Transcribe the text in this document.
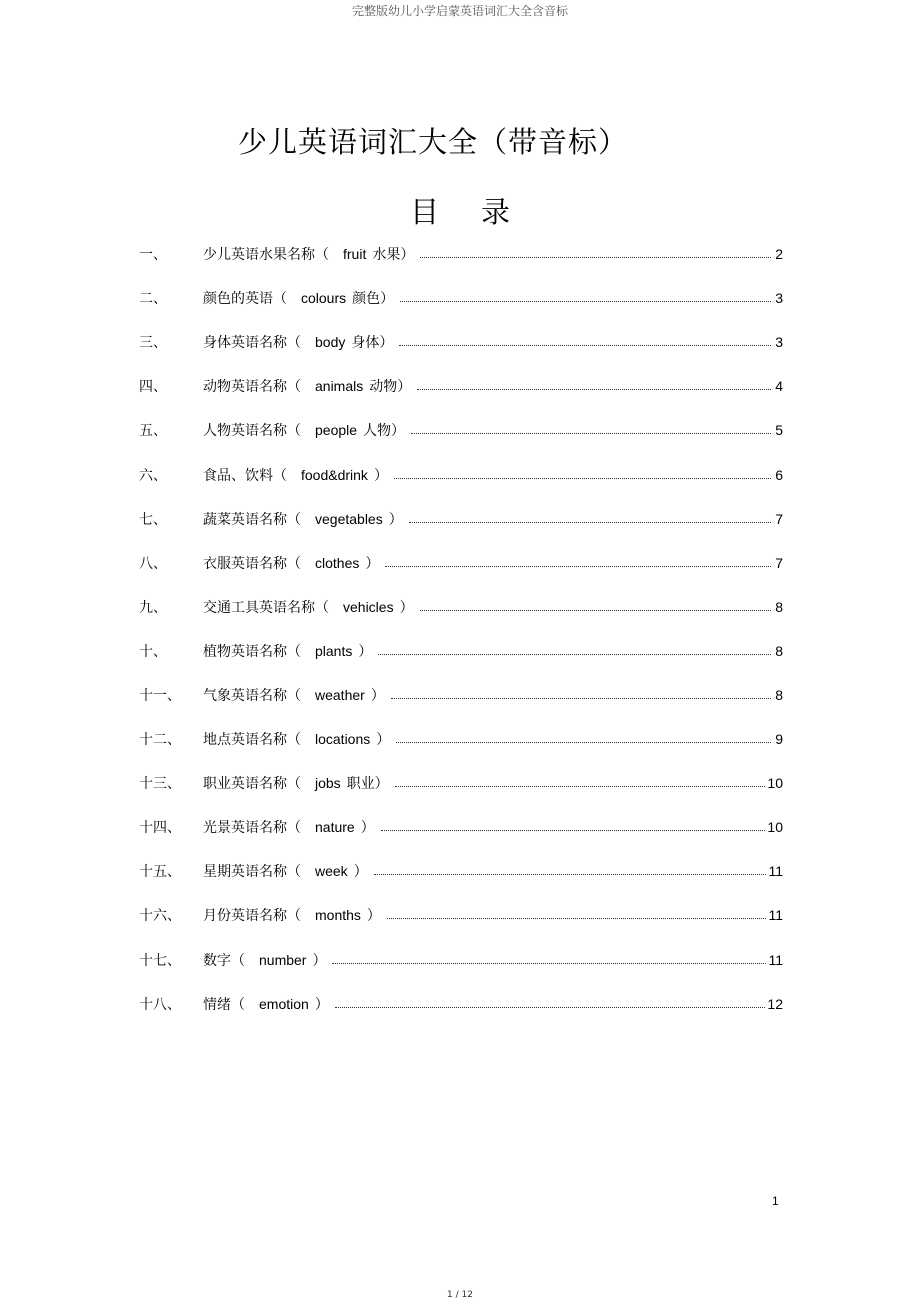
完整版幼儿小学启蒙英语词汇大全含音标
少儿英语词汇大全（带音标）
目 录
一、	少儿英语水果名称（ fruit 水果）	2
二、	颜色的英语（ colours 颜色）	3
三、	身体英语名称（ body 身体）	3
四、	动物英语名称（ animals 动物）	4
五、	人物英语名称（ people 人物）	5
六、	食品、饮料（ food&drink ）	6
七、	蔬菜英语名称（ vegetables ）	7
八、	衣服英语名称（ clothes ）	7
九、	交通工具英语名称（ vehicles ）	8
十、	植物英语名称（ plants ）	8
十一、	气象英语名称（ weather ）	8
十二、	地点英语名称（ locations ）	9
十三、	职业英语名称（ jobs 职业）	10
十四、	光景英语名称（ nature ）	10
十五、	星期英语名称（ week ）	11
十六、	月份英语名称（ months ）	11
十七、	数字（ number ）	11
十八、	情绪（ emotion ）	12
1
1 / 12
